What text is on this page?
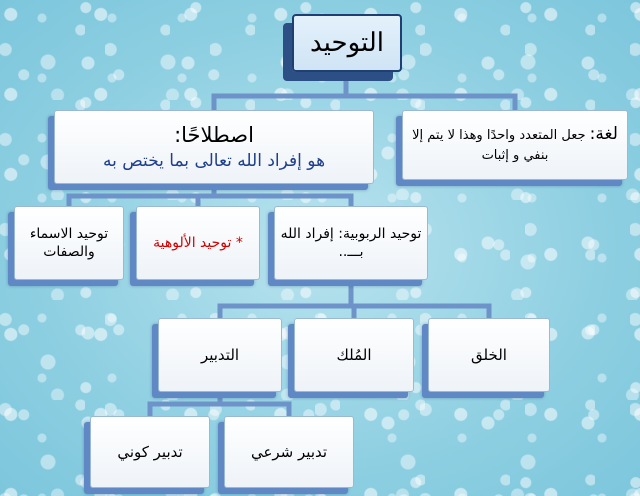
التوحيد
لغة: جعل المتعدد واحدًا وهذا لا يتم إلا بنفي و إثبات
اصطلاحًا:
هو إفراد الله تعالى بما يختص به
توحيد الربوبية: إفراد الله بـــ..
* توحيد الألوهية
توحيد الاسماء والصفات
الخلق
المُلك
التدبير
تدبير شرعي
تدبير كوني
